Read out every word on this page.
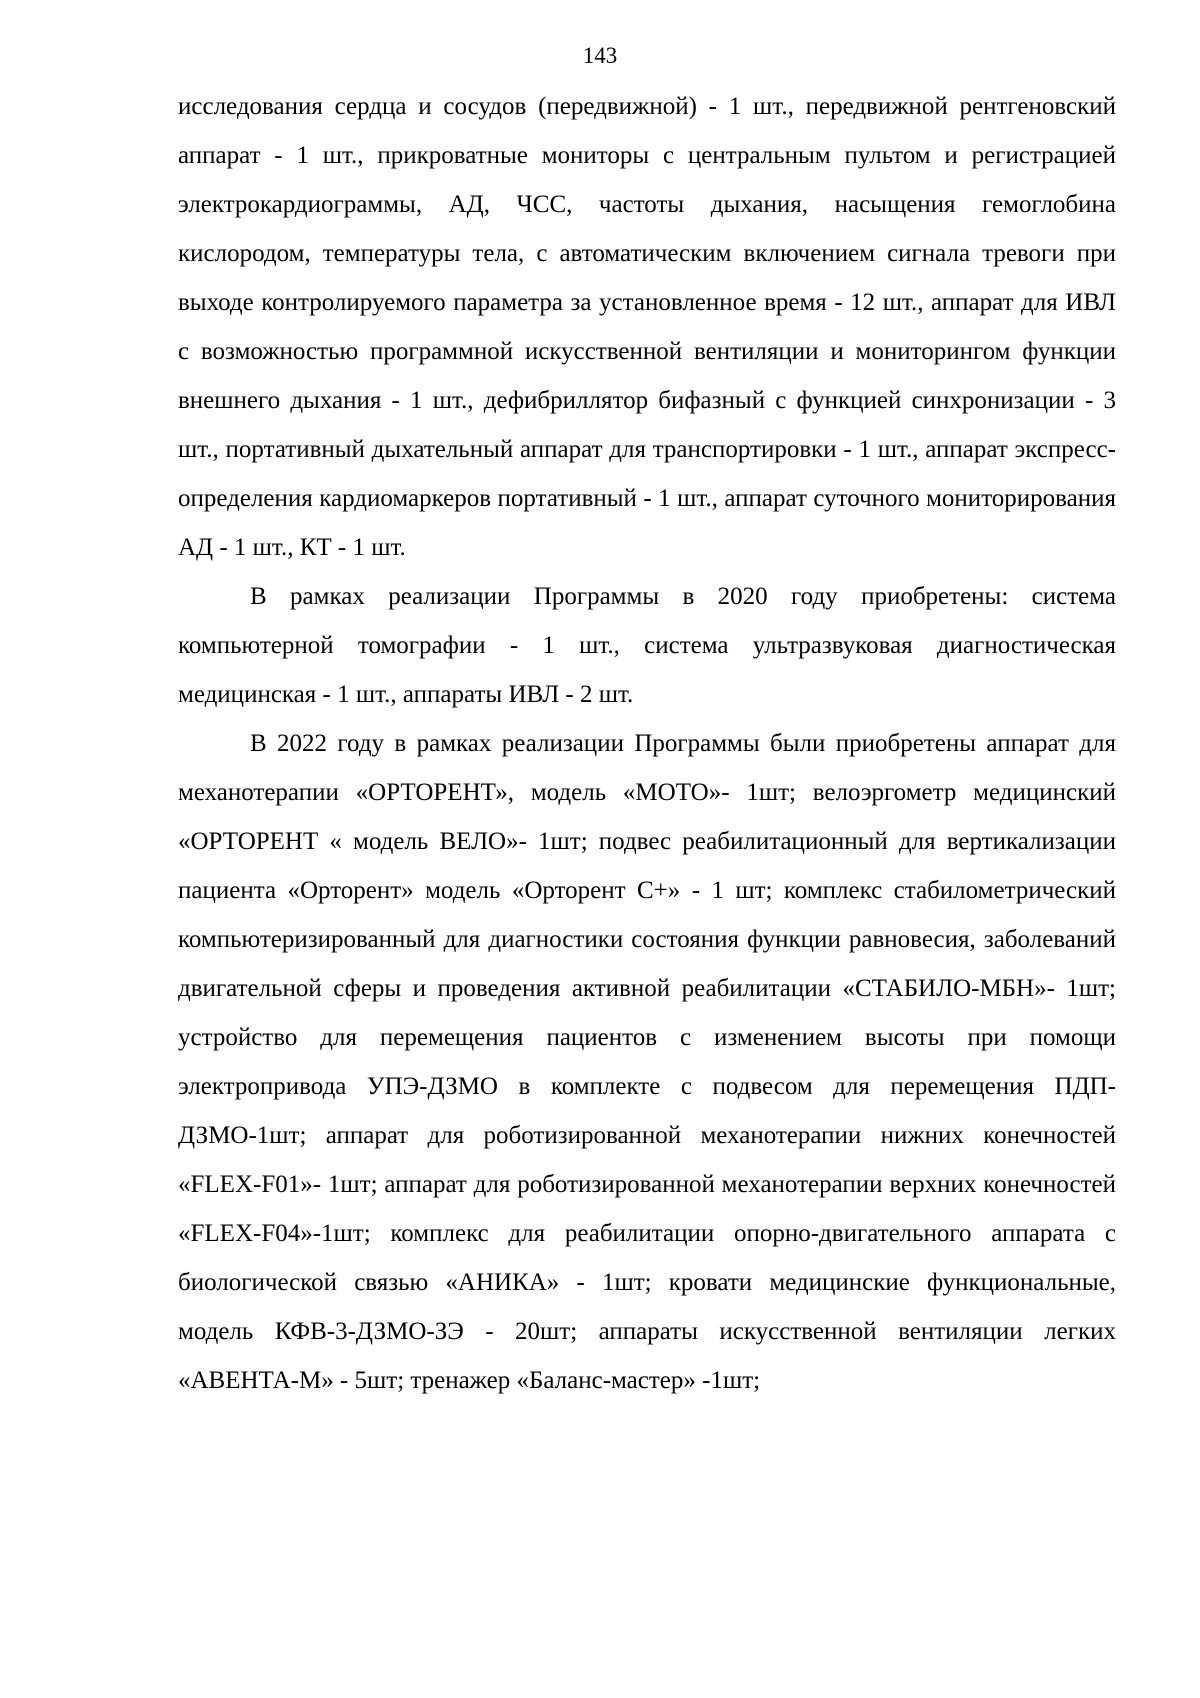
143

исследования сердца и сосудов (передвижной) - 1 шт., передвижной рентгеновский аппарат - 1 шт., прикроватные мониторы с центральным пультом и регистрацией электрокардиограммы, АД, ЧСС, частоты дыхания, насыщения гемоглобина кислородом, температуры тела, с автоматическим включением сигнала тревоги при выходе контролируемого параметра за установленное время - 12 шт., аппарат для ИВЛ с возможностью программной искусственной вентиляции и мониторингом функции внешнего дыхания - 1 шт., дефибриллятор бифазный с функцией синхронизации - 3 шт., портативный дыхательный аппарат для транспортировки - 1 шт., аппарат экспресс-определения кардиомаркеров портативный - 1 шт., аппарат суточного мониторирования АД - 1 шт., КТ - 1 шт.

В рамках реализации Программы в 2020 году приобретены: система компьютерной томографии - 1 шт., система ультразвуковая диагностическая медицинская - 1 шт., аппараты ИВЛ - 2 шт.

В 2022 году в рамках реализации Программы были приобретены аппарат для механотерапии «ОРТОРЕНТ», модель «МОТО»- 1шт; велоэргометр медицинский «ОРТОРЕНТ « модель ВЕЛО»- 1шт; подвес реабилитационный для вертикализации пациента «Орторент» модель «Орторент С+» - 1 шт; комплекс стабилометрический компьютеризированный для диагностики состояния функции равновесия, заболеваний двигательной сферы и проведения активной реабилитации «СТАБИЛО-МБН»- 1шт; устройство для перемещения пациентов с изменением высоты при помощи электропривода УПЭ-ДЗМО в комплекте с подвесом для перемещения ПДП-ДЗМО-1шт; аппарат для роботизированной механотерапии нижних конечностей «FLEX-F01»- 1шт; аппарат для роботизированной механотерапии верхних конечностей «FLEX-F04»-1шт; комплекс для реабилитации опорно-двигательного аппарата с биологической связью «АНИКА» - 1шт; кровати медицинские функциональные, модель КФВ-3-ДЗМО-ЗЭ - 20шт; аппараты искусственной вентиляции легких «АВЕНТА-М» - 5шт; тренажер «Баланс-мастер» -1шт;
